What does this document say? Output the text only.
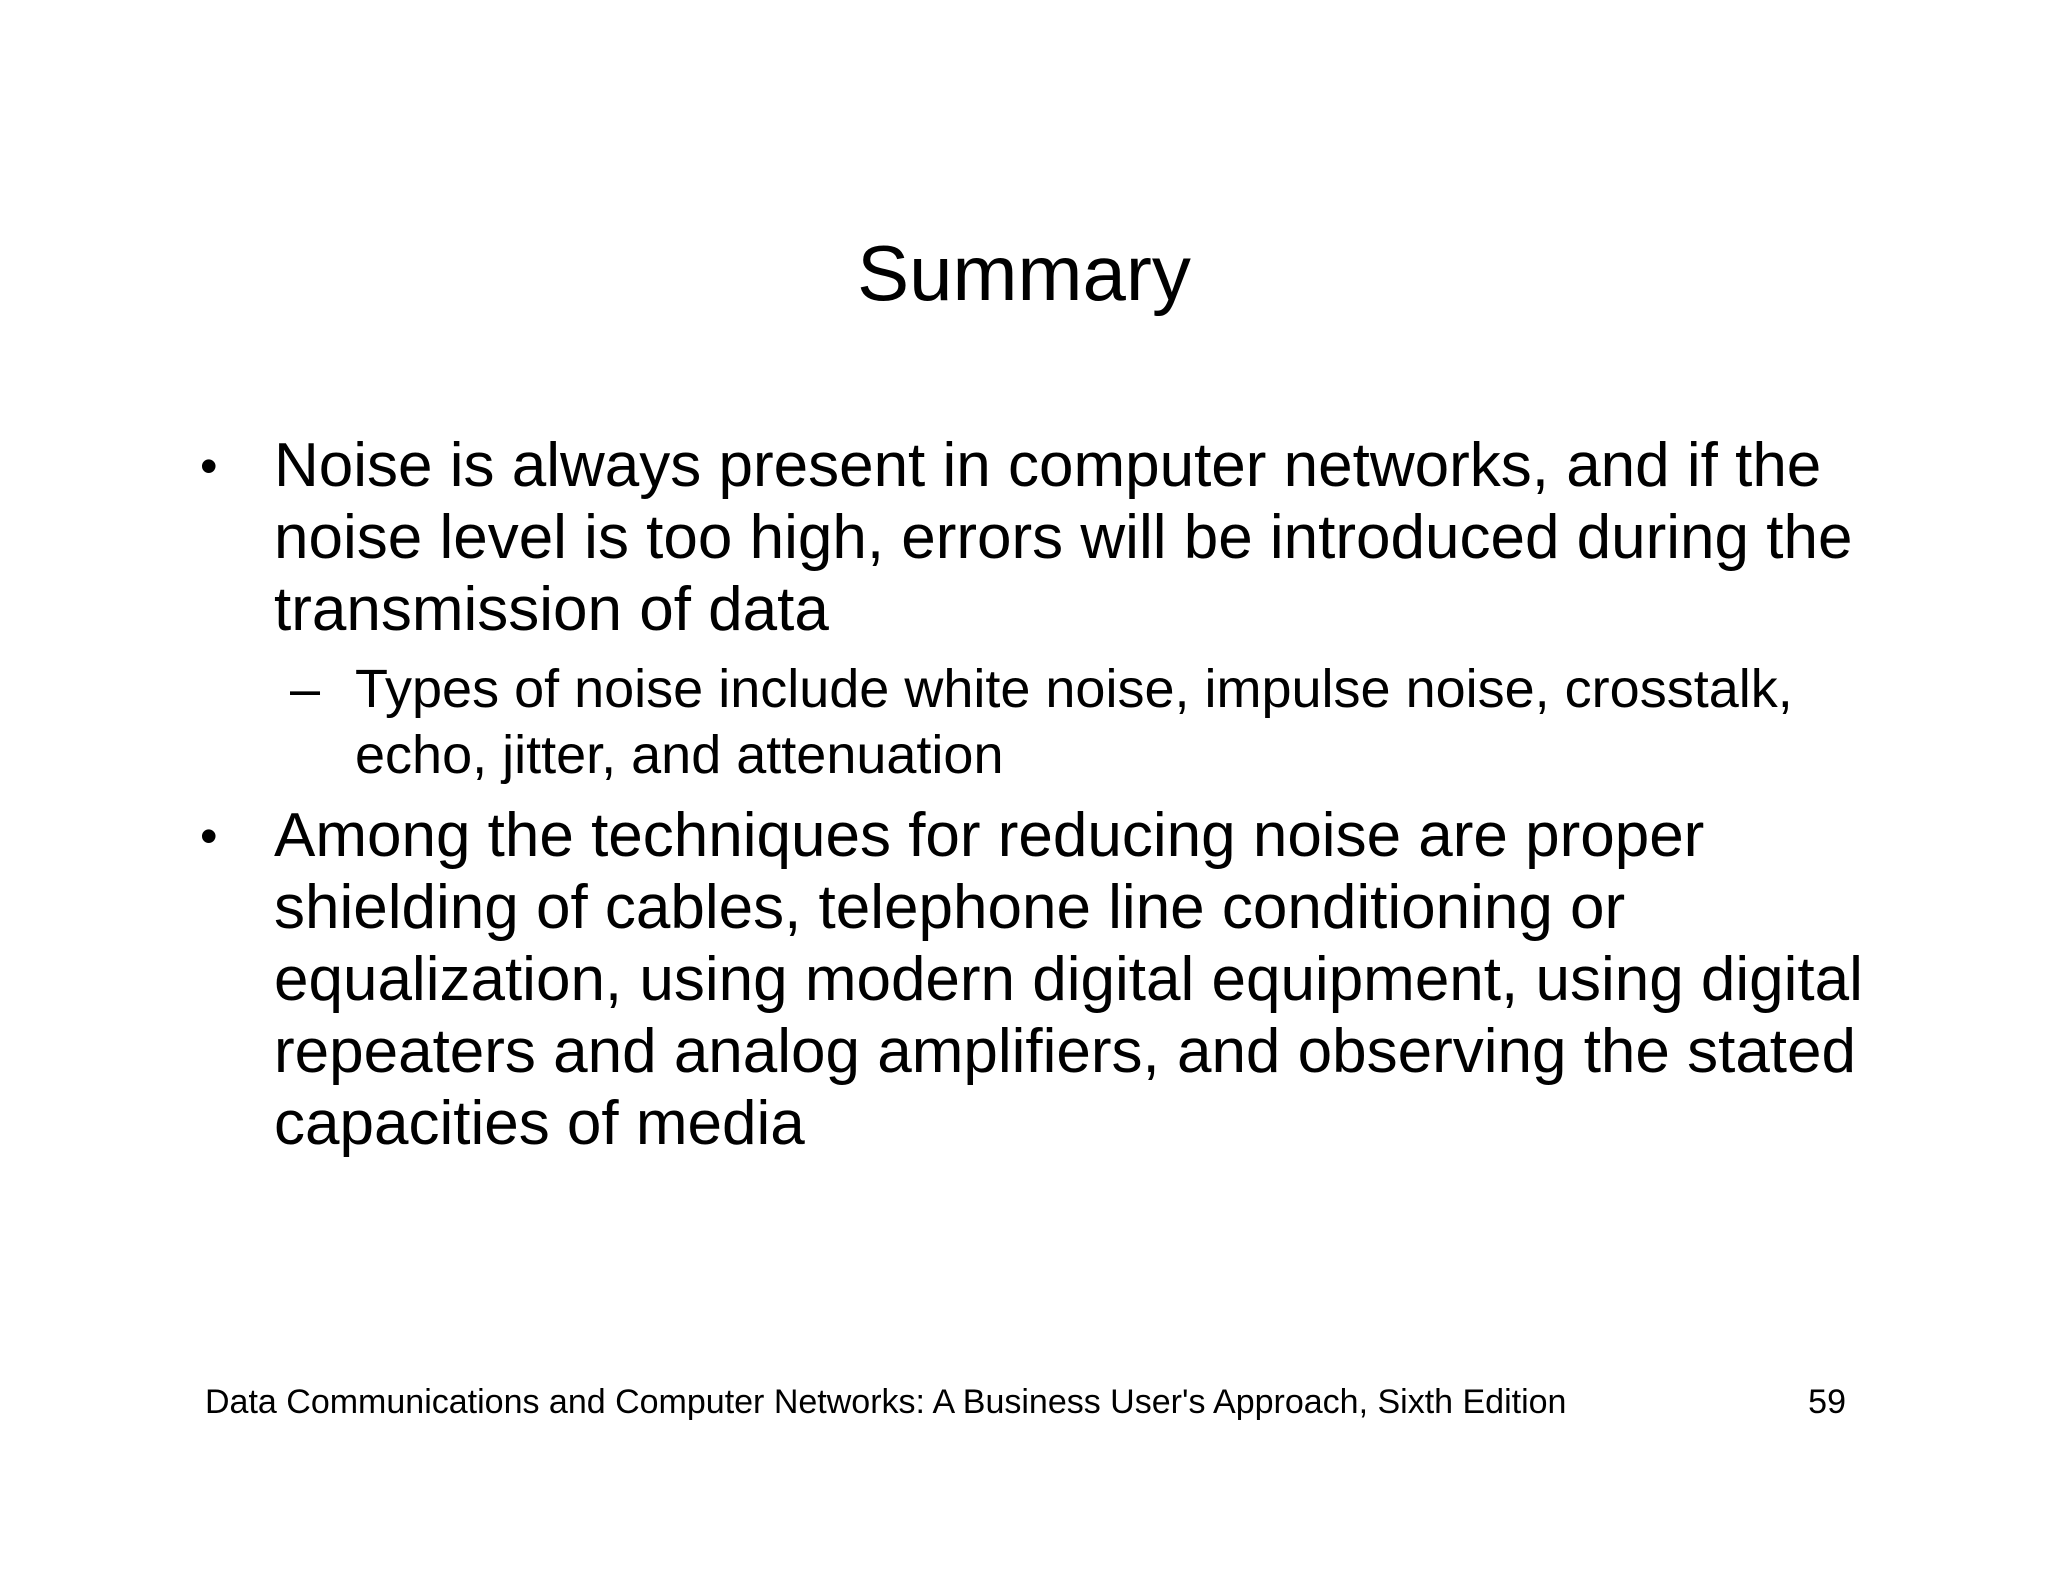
Summary
• Noise is always present in computer networks, and if the noise level is too high, errors will be introduced during the transmission of data
– Types of noise include white noise, impulse noise, crosstalk, echo, jitter, and attenuation
• Among the techniques for reducing noise are proper shielding of cables, telephone line conditioning or equalization, using modern digital equipment, using digital repeaters and analog amplifiers, and observing the stated capacities of media
Data Communications and Computer Networks: A Business User's Approach, Sixth Edition	59
